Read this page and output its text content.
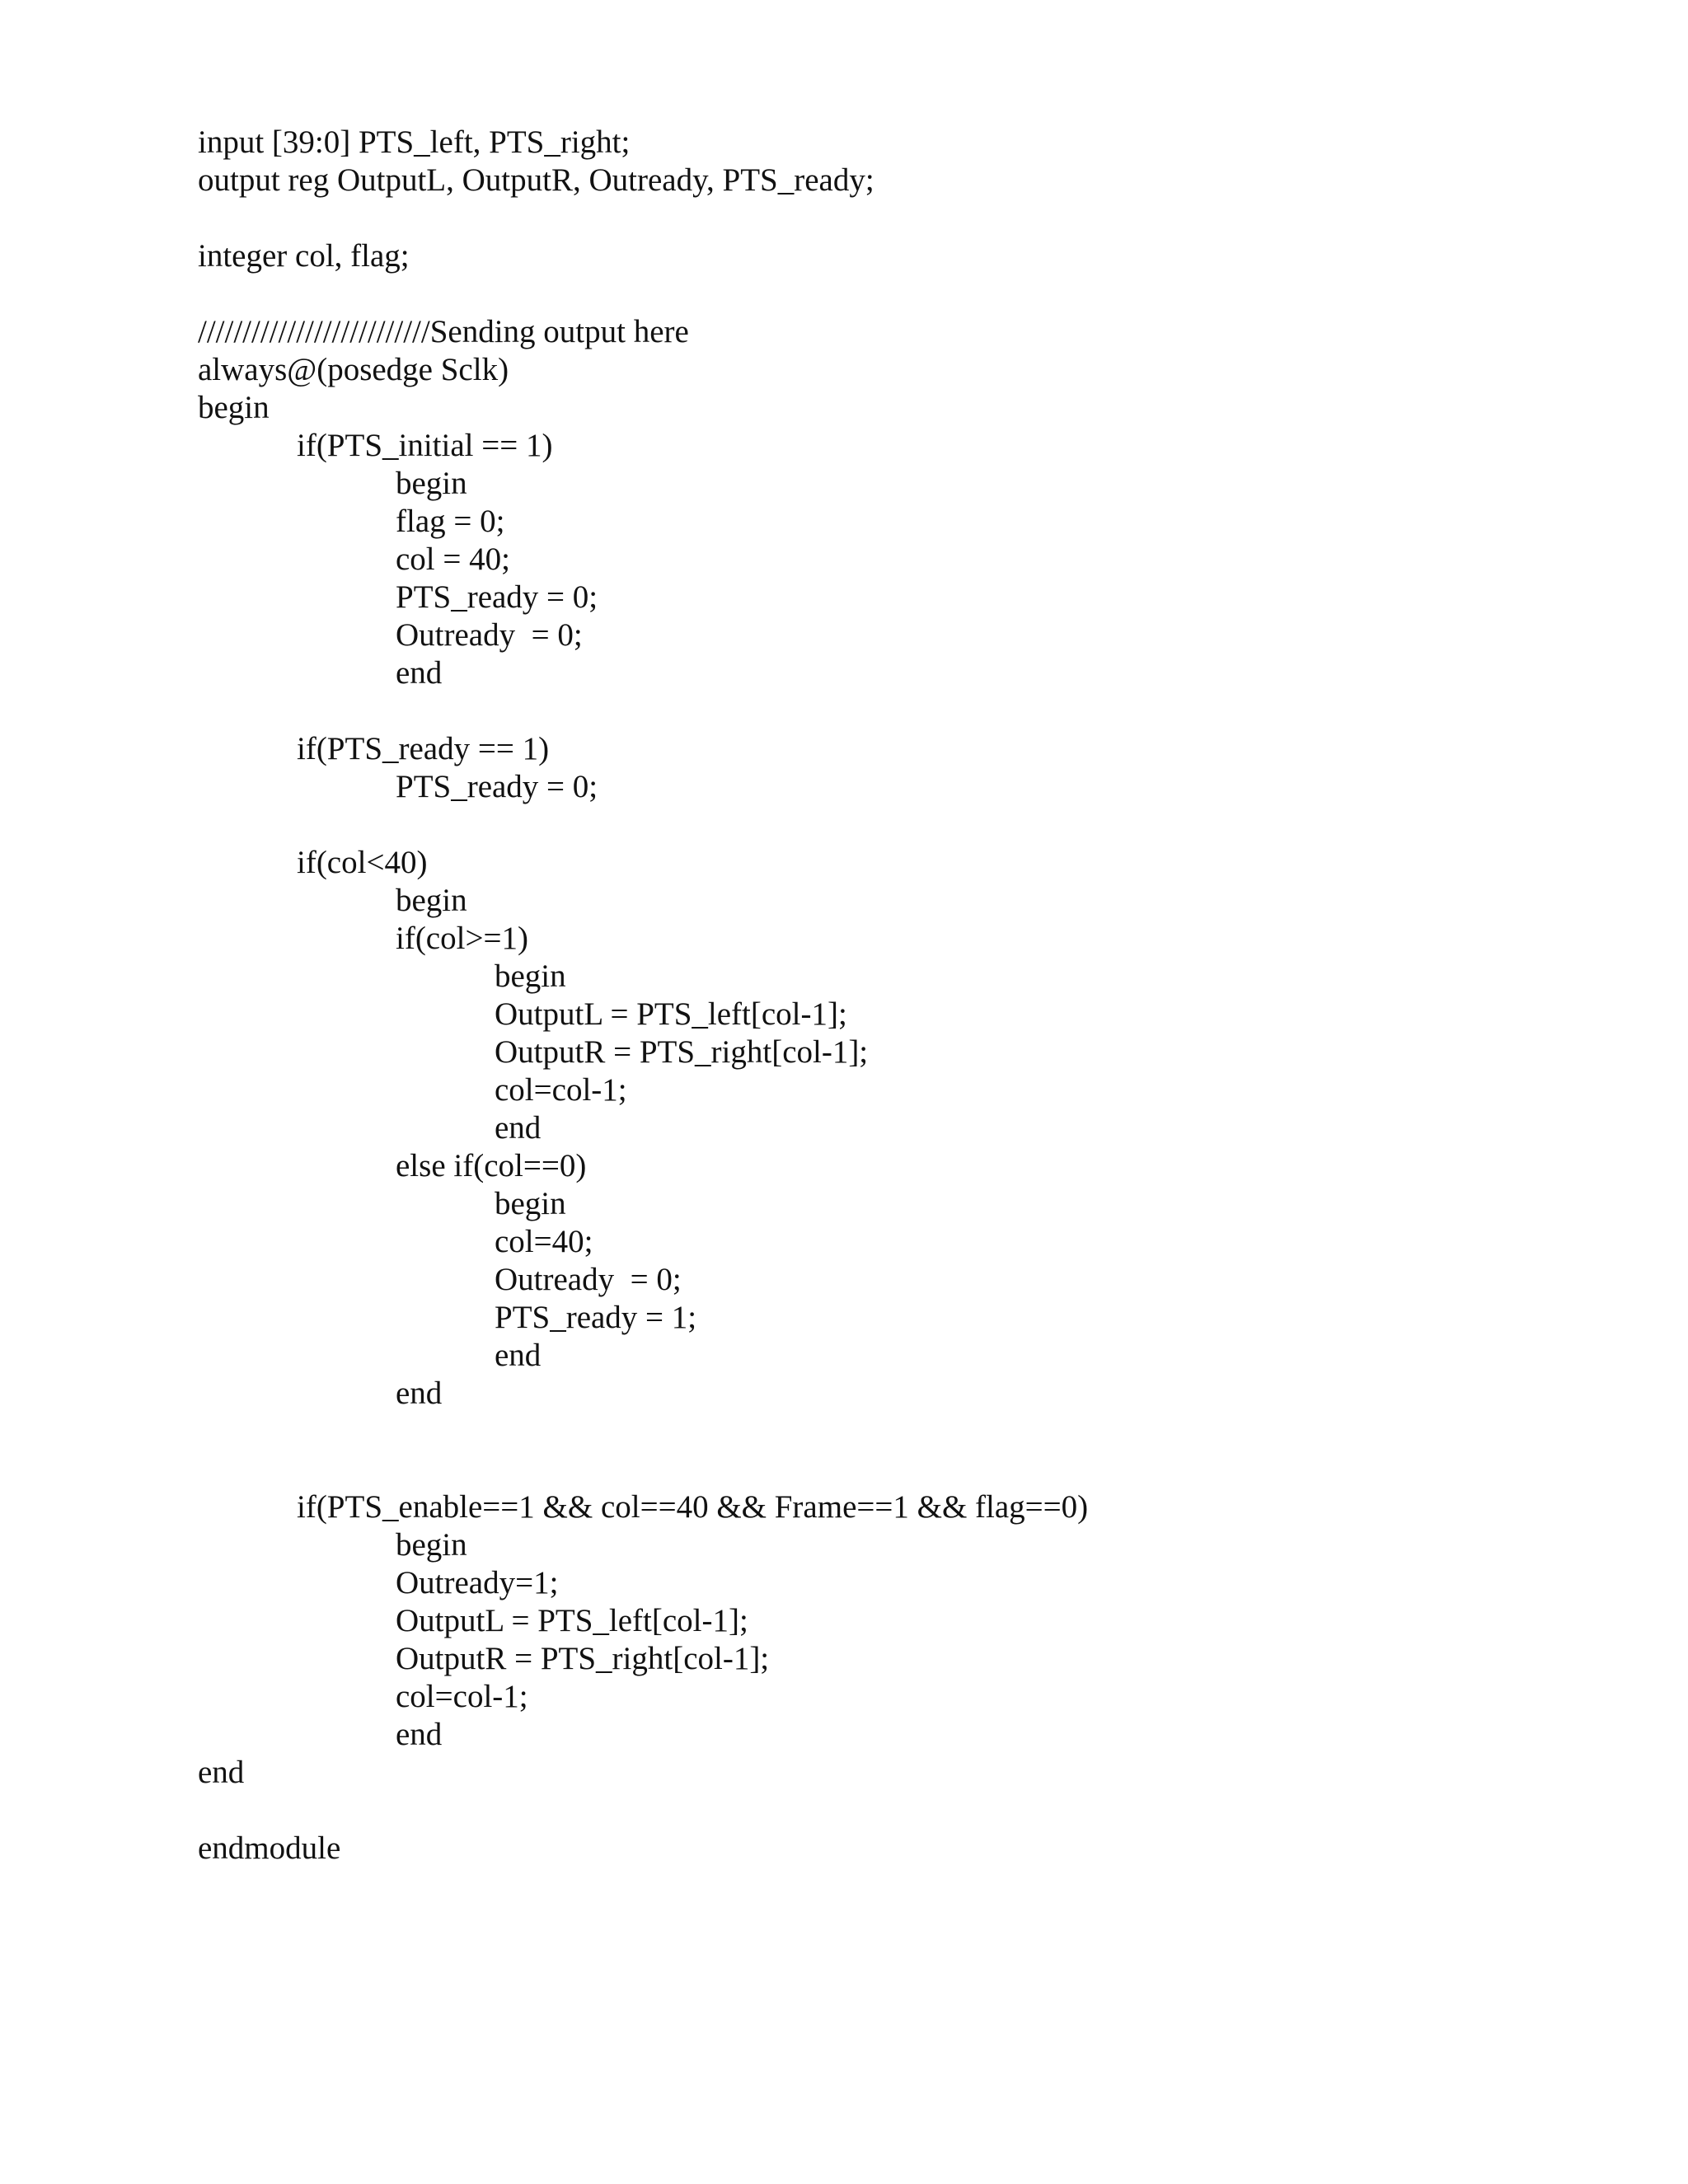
input [39:0] PTS_left, PTS_right;
output reg OutputL, OutputR, Outready, PTS_ready;
integer col, flag;
//////////////////////////Sending output here
always@(posedge Sclk)
begin
if(PTS_initial == 1)
begin
flag = 0;
col = 40;
PTS_ready = 0;
Outready  = 0;
end
if(PTS_ready == 1)
PTS_ready = 0;
if(col<40)
begin
if(col>=1)
begin
OutputL = PTS_left[col-1];
OutputR = PTS_right[col-1];
col=col-1;
end
else if(col==0)
begin
col=40;
Outready  = 0;
PTS_ready = 1;
end
end
if(PTS_enable==1 && col==40 && Frame==1 && flag==0)
begin
Outready=1;
OutputL = PTS_left[col-1];
OutputR = PTS_right[col-1];
col=col-1;
end
end
endmodule
